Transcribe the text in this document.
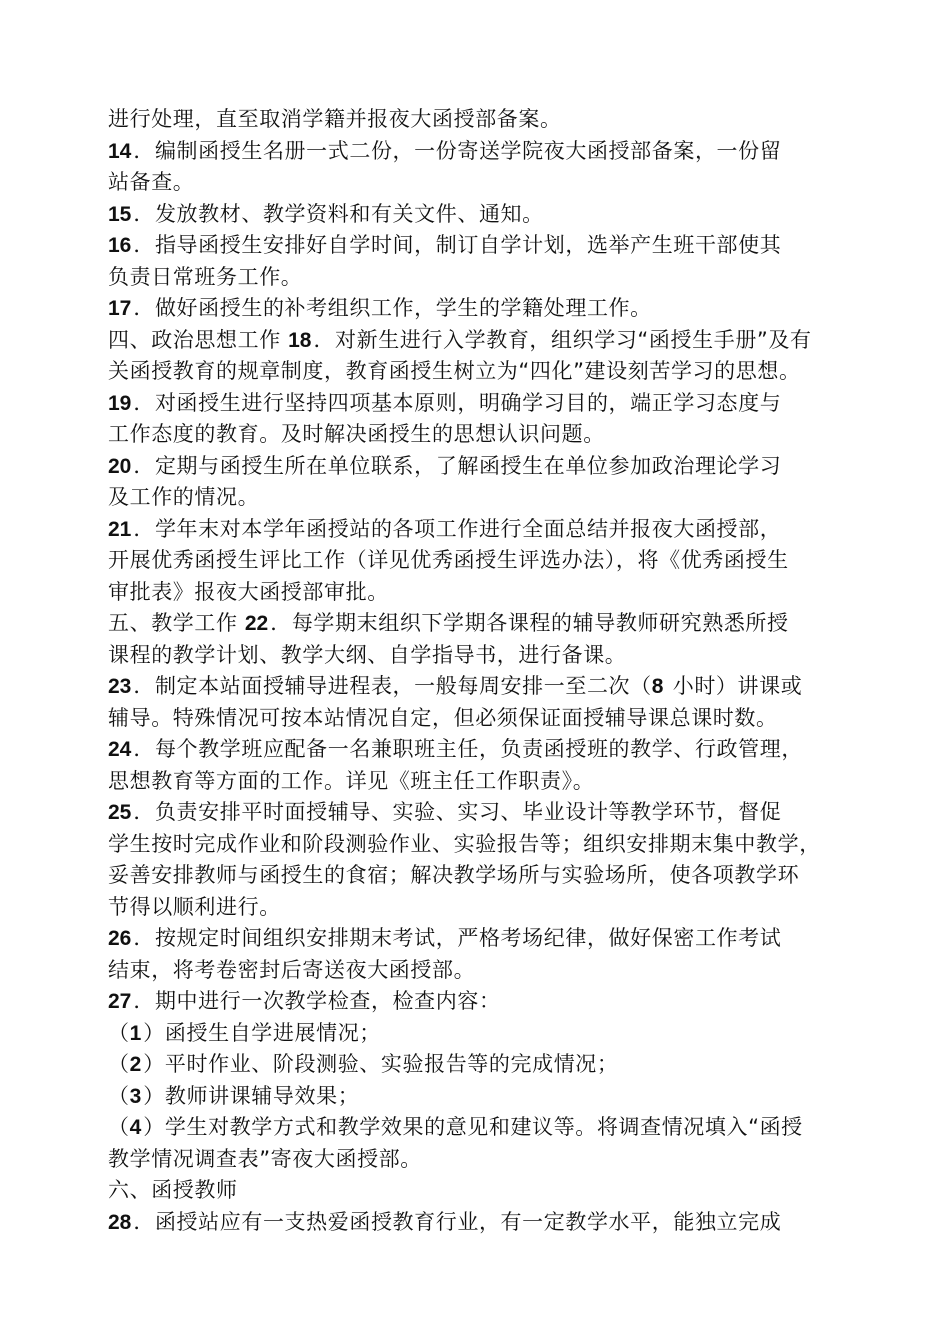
进行处理，直至取消学籍并报夜大函授部备案。
14．编制函授生名册一式二份，一份寄送学院夜大函授部备案，一份留
站备查。
15．发放教材、教学资料和有关文件、通知。
16．指导函授生安排好自学时间，制订自学计划，选举产生班干部使其
负责日常班务工作。
17．做好函授生的补考组织工作，学生的学籍处理工作。
四、政治思想工作 18．对新生进行入学教育，组织学习“函授生手册”及有
关函授教育的规章制度，教育函授生树立为“四化”建设刻苦学习的思想。
19．对函授生进行坚持四项基本原则，明确学习目的，端正学习态度与
工作态度的教育。及时解决函授生的思想认识问题。
20．定期与函授生所在单位联系，了解函授生在单位参加政治理论学习
及工作的情况。
21．学年末对本学年函授站的各项工作进行全面总结并报夜大函授部，
开展优秀函授生评比工作（详见优秀函授生评选办法），将《优秀函授生
审批表》报夜大函授部审批。
五、教学工作 22．每学期末组织下学期各课程的辅导教师研究熟悉所授
课程的教学计划、教学大纲、自学指导书，进行备课。
23．制定本站面授辅导进程表，一般每周安排一至二次（8 小时）讲课或
辅导。特殊情况可按本站情况自定，但必须保证面授辅导课总课时数。
24．每个教学班应配备一名兼职班主任，负责函授班的教学、行政管理，
思想教育等方面的工作。详见《班主任工作职责》。
25．负责安排平时面授辅导、实验、实习、毕业设计等教学环节，督促
学生按时完成作业和阶段测验作业、实验报告等；组织安排期末集中教学，
妥善安排教师与函授生的食宿；解决教学场所与实验场所，使各项教学环
节得以顺利进行。
26．按规定时间组织安排期末考试，严格考场纪律，做好保密工作考试
结束，将考卷密封后寄送夜大函授部。
27．期中进行一次教学检查，检查内容：
（1）函授生自学进展情况；
（2）平时作业、阶段测验、实验报告等的完成情况；
（3）教师讲课辅导效果；
（4）学生对教学方式和教学效果的意见和建议等。将调查情况填入“函授
教学情况调查表”寄夜大函授部。
六、函授教师
28．函授站应有一支热爱函授教育行业，有一定教学水平，能独立完成
